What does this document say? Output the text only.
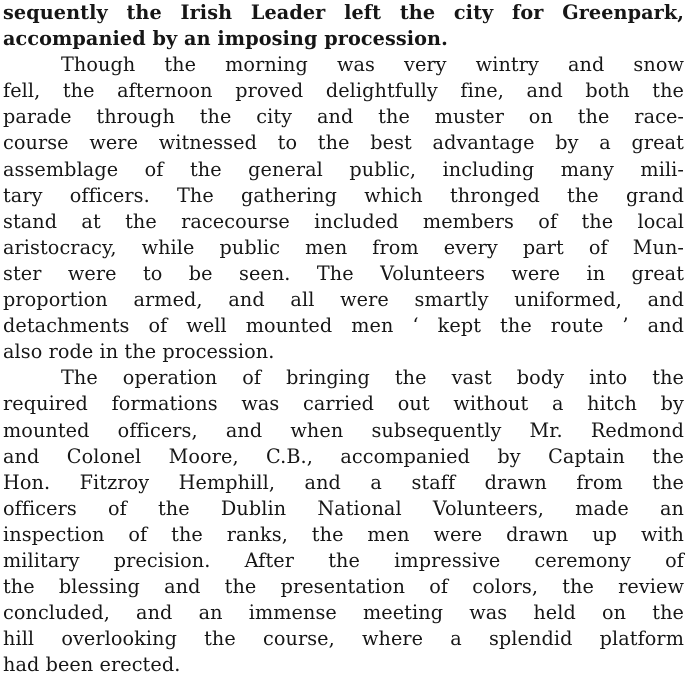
sequently the Irish Leader left the city for Greenpark,
accompanied by an imposing procession.
Though the morning was very wintry and snow
fell, the afternoon proved delightfully fine, and both the
parade through the city and the muster on the race-
course were witnessed to the best advantage by a great
assemblage of the general public, including many mili-
tary officers. The gathering which thronged the grand
stand at the racecourse included members of the local
aristocracy, while public men from every part of Mun-
ster were to be seen. The Volunteers were in great
proportion armed, and all were smartly uniformed, and
detachments of well mounted men ‘ kept the route ’ and
also rode in the procession.
The operation of bringing the vast body into the
required formations was carried out without a hitch by
mounted officers, and when subsequently Mr. Redmond
and Colonel Moore, C.B., accompanied by Captain the
Hon. Fitzroy Hemphill, and a staff drawn from the
officers of the Dublin National Volunteers, made an
inspection of the ranks, the men were drawn up with
military precision. After the impressive ceremony of
the blessing and the presentation of colors, the review
concluded, and an immense meeting was held on the
hill overlooking the course, where a splendid platform
had been erected.
